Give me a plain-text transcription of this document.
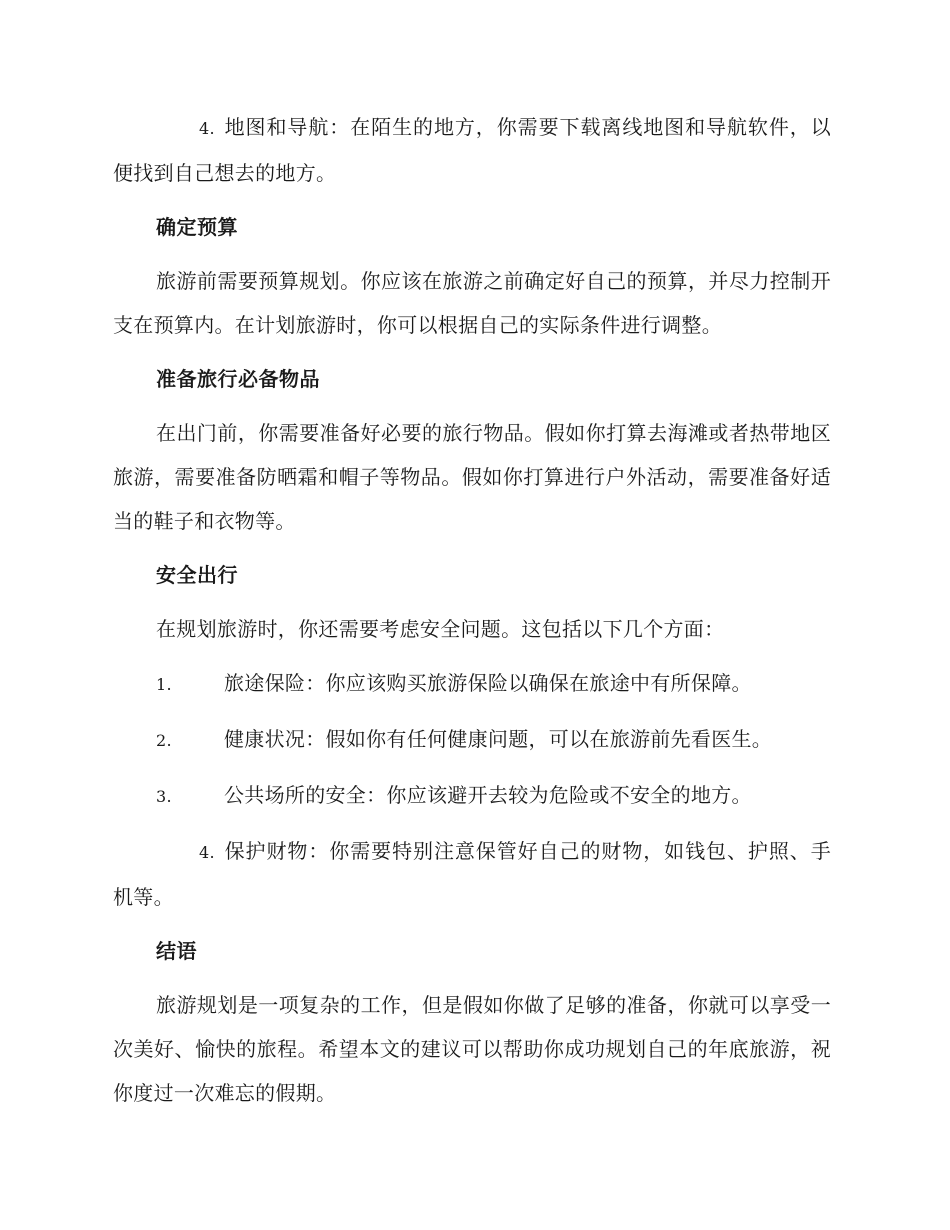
4. 地图和导航：在陌生的地方，你需要下载离线地图和导航软件，以便找到自己想去的地方。

确定预算

旅游前需要预算规划。你应该在旅游之前确定好自己的预算，并尽力控制开支在预算内。在计划旅游时，你可以根据自己的实际条件进行调整。

准备旅行必备物品

在出门前，你需要准备好必要的旅行物品。假如你打算去海滩或者热带地区旅游，需要准备防晒霜和帽子等物品。假如你打算进行户外活动，需要准备好适当的鞋子和衣物等。

安全出行

在规划旅游时，你还需要考虑安全问题。这包括以下几个方面：

1.	旅途保险：你应该购买旅游保险以确保在旅途中有所保障。

2.	健康状况：假如你有任何健康问题，可以在旅游前先看医生。

3.	公共场所的安全：你应该避开去较为危险或不安全的地方。

4. 保护财物：你需要特别注意保管好自己的财物，如钱包、护照、手机等。

结语

旅游规划是一项复杂的工作，但是假如你做了足够的准备，你就可以享受一次美好、愉快的旅程。希望本文的建议可以帮助你成功规划自己的年底旅游，祝你度过一次难忘的假期。
